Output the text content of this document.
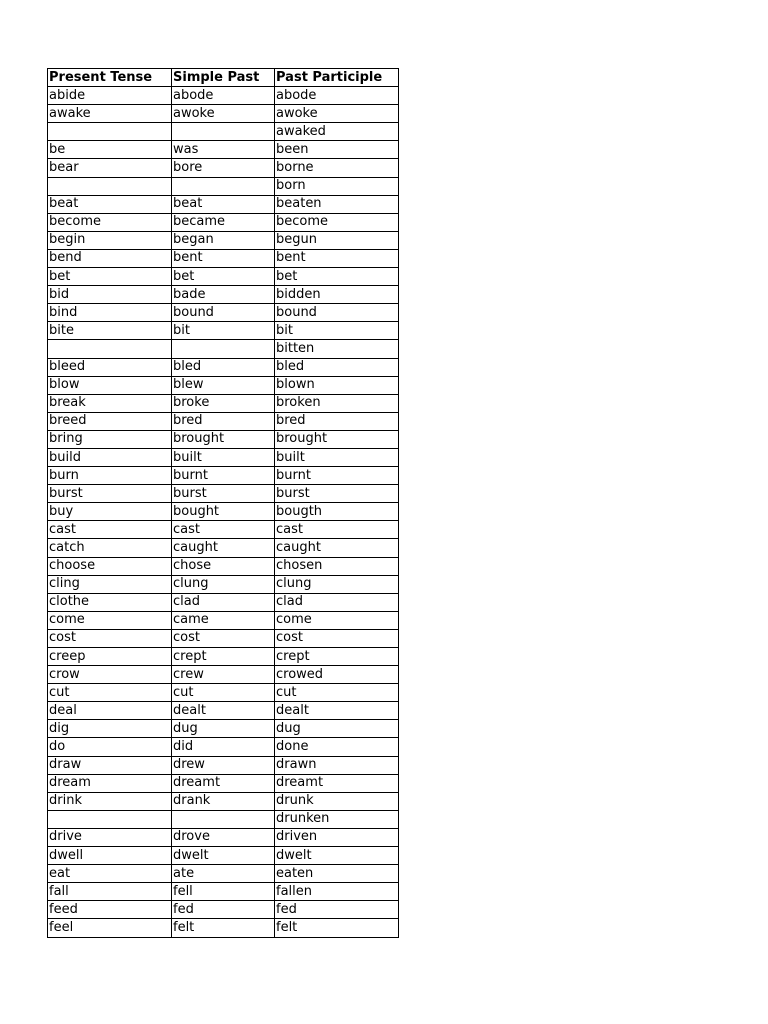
Present Tense	Simple Past	Past Participle
abide	abode	abode
awake	awoke	awoke
		awaked
be	was	been
bear	bore	borne
		born
beat	beat	beaten
become	became	become
begin	began	begun
bend	bent	bent
bet	bet	bet
bid	bade	bidden
bind	bound	bound
bite	bit	bit
		bitten
bleed	bled	bled
blow	blew	blown
break	broke	broken
breed	bred	bred
bring	brought	brought
build	built	built
burn	burnt	burnt
burst	burst	burst
buy	bought	bougth
cast	cast	cast
catch	caught	caught
choose	chose	chosen
cling	clung	clung
clothe	clad	clad
come	came	come
cost	cost	cost
creep	crept	crept
crow	crew	crowed
cut	cut	cut
deal	dealt	dealt
dig	dug	dug
do	did	done
draw	drew	drawn
dream	dreamt	dreamt
drink	drank	drunk
		drunken
drive	drove	driven
dwell	dwelt	dwelt
eat	ate	eaten
fall	fell	fallen
feed	fed	fed
feel	felt	felt
